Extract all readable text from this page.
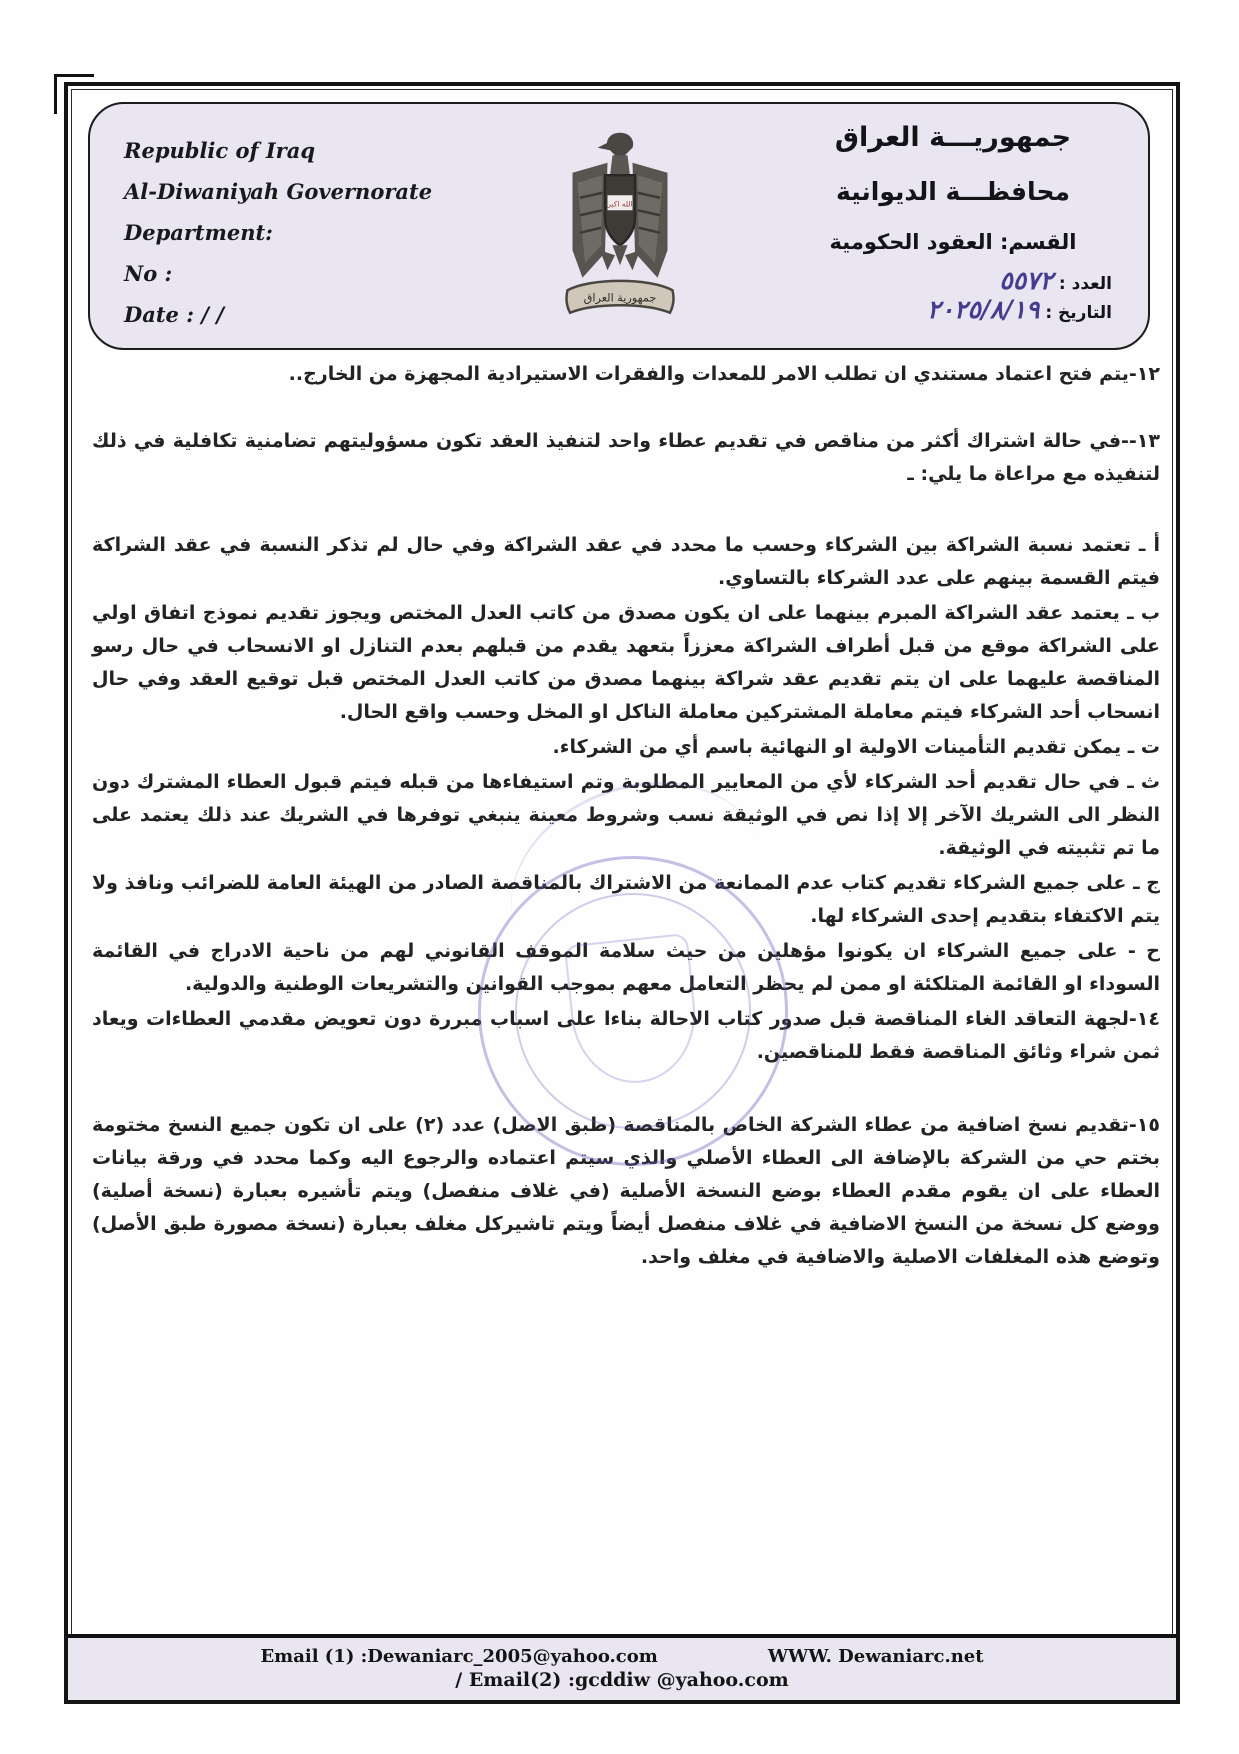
Republic of Iraq
Al-Diwaniyah Governorate
Department:
No :
Date : / /
الله اكبر
جمهورية العراق
جمهوريـــة العراق
محافظـــة الديوانية
القسم: العقود الحكومية
العدد : ٥٥٧٢
التاريخ : ٢٠٢٥/٨/١٩

١٢-يتم فتح اعتماد مستندي ان تطلب الامر للمعدات والفقرات الاستيرادية المجهزة من الخارج..

١٣--في حالة اشتراك أكثر من مناقص في تقديم عطاء واحد لتنفيذ العقد تكون مسؤوليتهم تضامنية تكافلية في ذلك لتنفيذه مع مراعاة ما يلي: ـ

أ ـ تعتمد نسبة الشراكة بين الشركاء وحسب ما محدد في عقد الشراكة وفي حال لم تذكر النسبة في عقد الشراكة فيتم القسمة بينهم على عدد الشركاء بالتساوي.

ب ـ يعتمد عقد الشراكة المبرم بينهما على ان يكون مصدق من كاتب العدل المختص ويجوز تقديم نموذج اتفاق اولي على الشراكة موقع من قبل أطراف الشراكة معززاً بتعهد يقدم من قبلهم بعدم التنازل او الانسحاب في حال رسو المناقصة عليهما على ان يتم تقديم عقد شراكة بينهما مصدق من كاتب العدل المختص قبل توقيع العقد وفي حال انسحاب أحد الشركاء فيتم معاملة المشتركين معاملة الناكل او المخل وحسب واقع الحال.

ت ـ يمكن تقديم التأمينات الاولية او النهائية باسم أي من الشركاء.

ث ـ في حال تقديم أحد الشركاء لأي من المعايير المطلوبة وتم استيفاءها من قبله فيتم قبول العطاء المشترك دون النظر الى الشريك الآخر إلا إذا نص في الوثيقة نسب وشروط معينة ينبغي توفرها في الشريك عند ذلك يعتمد على ما تم تثبيته في الوثيقة.

ج ـ على جميع الشركاء تقديم كتاب عدم الممانعة من الاشتراك بالمناقصة الصادر من الهيئة العامة للضرائب ونافذ ولا يتم الاكتفاء بتقديم إحدى الشركاء لها.

ح - على جميع الشركاء ان يكونوا مؤهلين من حيث سلامة الموقف القانوني لهم من ناحية الادراج في القائمة السوداء او القائمة المتلكئة او ممن لم يحظر التعامل معهم بموجب القوانين والتشريعات الوطنية والدولية.

١٤-لجهة التعاقد الغاء المناقصة قبل صدور كتاب الاحالة بناءا على اسباب مبررة دون تعويض مقدمي العطاءات ويعاد ثمن شراء وثائق المناقصة فقط للمناقصين.

١٥-تقديم نسخ اضافية من عطاء الشركة الخاص بالمناقصة (طبق الاصل) عدد (٢) على ان تكون جميع النسخ مختومة بختم حي من الشركة بالإضافة الى العطاء الأصلي والذي سيتم اعتماده والرجوع اليه وكما محدد في ورقة بيانات العطاء على ان يقوم مقدم العطاء بوضع النسخة الأصلية (في غلاف منفصل) ويتم تأشيره بعبارة (نسخة أصلية) ووضع كل نسخة من النسخ الاضافية في غلاف منفصل أيضاً ويتم تاشيركل مغلف بعبارة (نسخة مصورة طبق الأصل) وتوضع هذه المغلفات الاصلية والاضافية في مغلف واحد.

Email (1) :Dewaniarc_2005@yahoo.com	WWW. Dewaniarc.net
/ Email(2) :gcddiw @yahoo.com
